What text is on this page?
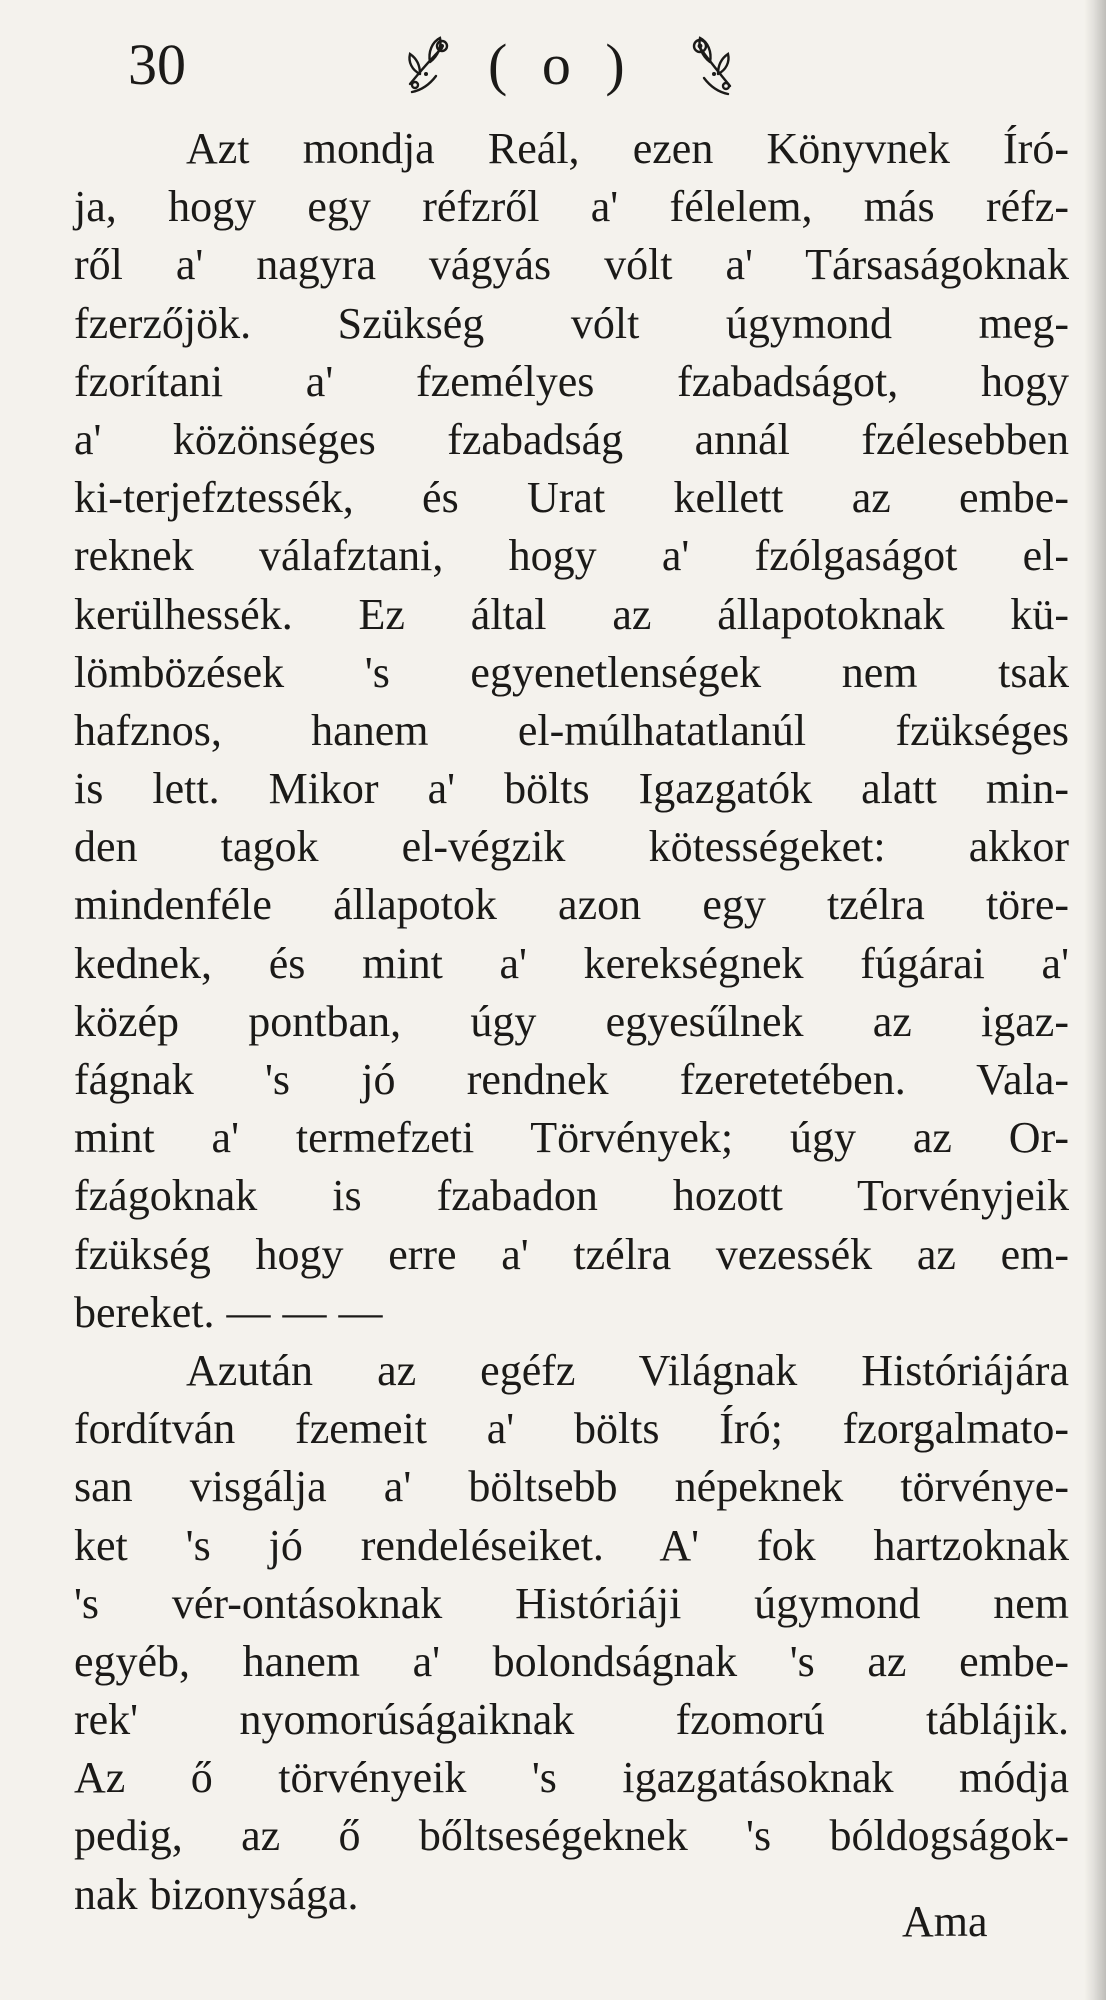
30	( o )
Azt mondja Reál, ezen Könyvnek Író-
ja, hogy egy réfzről a' félelem, más réfz-
ről a' nagyra vágyás vólt a' Társaságoknak
fzerzőjök. Szükség vólt úgymond meg-
fzorítani a' fzemélyes fzabadságot, hogy
a' közönséges fzabadság annál fzélesebben
ki-terjefztessék, és Urat kellett az embe-
reknek válafztani, hogy a' fzólgaságot el-
kerülhessék. Ez által az állapotoknak kü-
lömbözések 's egyenetlenségek nem tsak
hafznos, hanem el-múlhatatlanúl fzükséges
is lett. Mikor a' bölts Igazgatók alatt min-
den tagok el-végzik kötességeket: akkor
mindenféle állapotok azon egy tzélra töre-
kednek, és mint a' kerekségnek fúgárai a'
közép pontban, úgy egyesűlnek az igaz-
fágnak 's jó rendnek fzeretetében. Vala-
mint a' termefzeti Törvények; úgy az Or-
fzágoknak is fzabadon hozott Torvényjeik
fzükség hogy erre a' tzélra vezessék az em-
bereket. — — —
Azután az egéfz Világnak Históriájára
fordítván fzemeit a' bölts Író; fzorgalmato-
san visgálja a' böltsebb népeknek törvénye-
ket 's jó rendeléseiket. A' fok hartzoknak
's vér-ontásoknak Históriáji úgymond nem
egyéb, hanem a' bolondságnak 's az embe-
rek' nyomorúságaiknak fzomorú táblájik.
Az ő törvényeik 's igazgatásoknak módja
pedig, az ő bőltseségeknek 's bóldogságok-
nak bizonysága.
Ama
